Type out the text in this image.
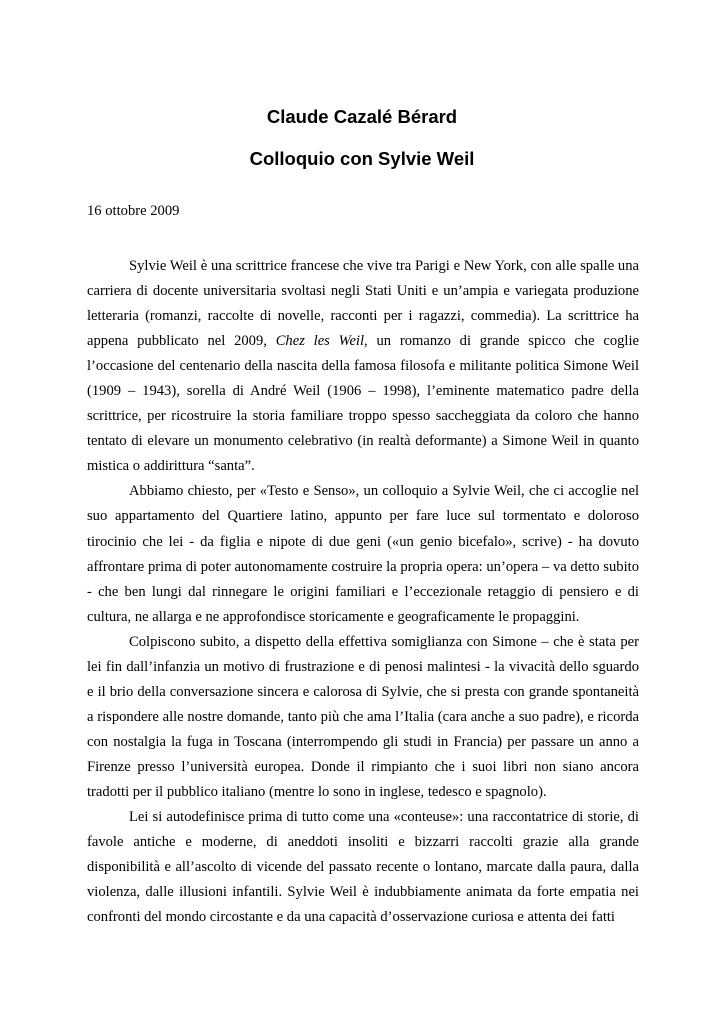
Claude Cazalé Bérard
Colloquio con Sylvie Weil
16 ottobre 2009

Sylvie Weil è una scrittrice francese che vive tra Parigi e New York, con alle spalle una carriera di docente universitaria svoltasi negli Stati Uniti e un’ampia e variegata produzione letteraria (romanzi, raccolte di novelle, racconti per i ragazzi, commedia). La scrittrice ha appena pubblicato nel 2009, Chez les Weil, un romanzo di grande spicco che coglie l’occasione del centenario della nascita della famosa filosofa e militante politica Simone Weil (1909 – 1943), sorella di André Weil (1906 – 1998), l’eminente matematico padre della scrittrice, per ricostruire la storia familiare troppo spesso saccheggiata da coloro che hanno tentato di elevare un monumento celebrativo (in realtà deformante) a Simone Weil in quanto mistica o addirittura “santa”.

Abbiamo chiesto, per «Testo e Senso», un colloquio a Sylvie Weil, che ci accoglie nel suo appartamento del Quartiere latino, appunto per fare luce sul tormentato e doloroso tirocinio che lei - da figlia e nipote di due geni («un genio bicefalo», scrive) - ha dovuto affrontare prima di poter autonomamente costruire la propria opera: un’opera – va detto subito - che ben lungi dal rinnegare le origini familiari e l’eccezionale retaggio di pensiero e di cultura, ne allarga e ne approfondisce storicamente e geograficamente le propaggini.

Colpiscono subito, a dispetto della effettiva somiglianza con Simone – che è stata per lei fin dall’infanzia un motivo di frustrazione e di penosi malintesi - la vivacità dello sguardo e il brio della conversazione sincera e calorosa di Sylvie, che si presta con grande spontaneità a rispondere alle nostre domande, tanto più che ama l’Italia (cara anche a suo padre), e ricorda con nostalgia la fuga in Toscana (interrompendo gli studi in Francia) per passare un anno a Firenze presso l’università europea. Donde il rimpianto che i suoi libri non siano ancora tradotti per il pubblico italiano (mentre lo sono in inglese, tedesco e spagnolo).

Lei si autodefinisce prima di tutto come una «conteuse»: una raccontatrice di storie, di favole antiche e moderne, di aneddoti insoliti e bizzarri raccolti grazie alla grande disponibilità e all’ascolto di vicende del passato recente o lontano, marcate dalla paura, dalla violenza, dalle illusioni infantili. Sylvie Weil è indubbiamente animata da forte empatia nei confronti del mondo circostante e da una capacità d’osservazione curiosa e attenta dei fatti
